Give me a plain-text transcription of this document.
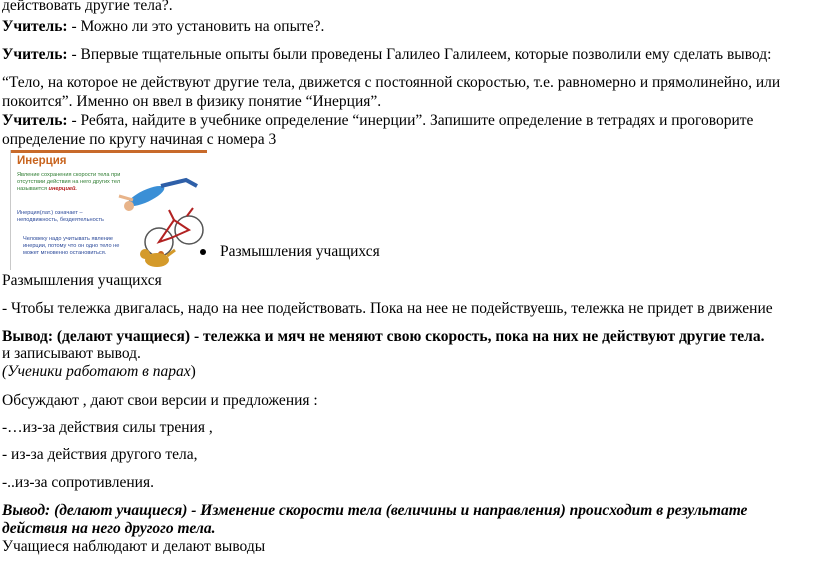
действовать другие тела?.
Учитель: - Можно ли это установить на опыте?.
Учитель: - Впервые тщательные опыты были проведены Галилео Галилеем, которые позволили ему сделать вывод:
“Тело, на которое не действуют другие тела, движется с постоянной скоростью, т.е. равномерно и прямолинейно, или
покоится”. Именно он ввел в физику понятие “Инерция”.
Учитель: - Ребята, найдите в учебнике определение “инерции”. Запишите определение в тетрадях и проговорите
определение по кругу начиная с номера 3
Инерция
Явление сохранения скорости тела при отсутствии действия на него других тел называется инерцией.
Инерция(лат.) означает – неподвижность, бездеятельность
Человеку надо учитывать явление инерции, потому что он одно тело не может мгновенно остановиться.	Размышления учащихся
Размышления учащихся
- Чтобы тележка двигалась, надо на нее подействовать. Пока на нее не подействуешь, тележка не придет в движение
Вывод: (делают учащиеся) - тележка и мяч не меняют свою скорость, пока на них не действуют другие тела.
и записывают вывод.
(Ученики работают в парах)
Обсуждают , дают свои версии и предложения :
-…из-за действия силы трения ,
- из-за действия другого тела,
-..из-за сопротивления.
Вывод: (делают учащиеся) - Изменение скорости тела (величины и направления) происходит в результате
действия на него другого тела.
Учащиеся наблюдают и делают выводы
